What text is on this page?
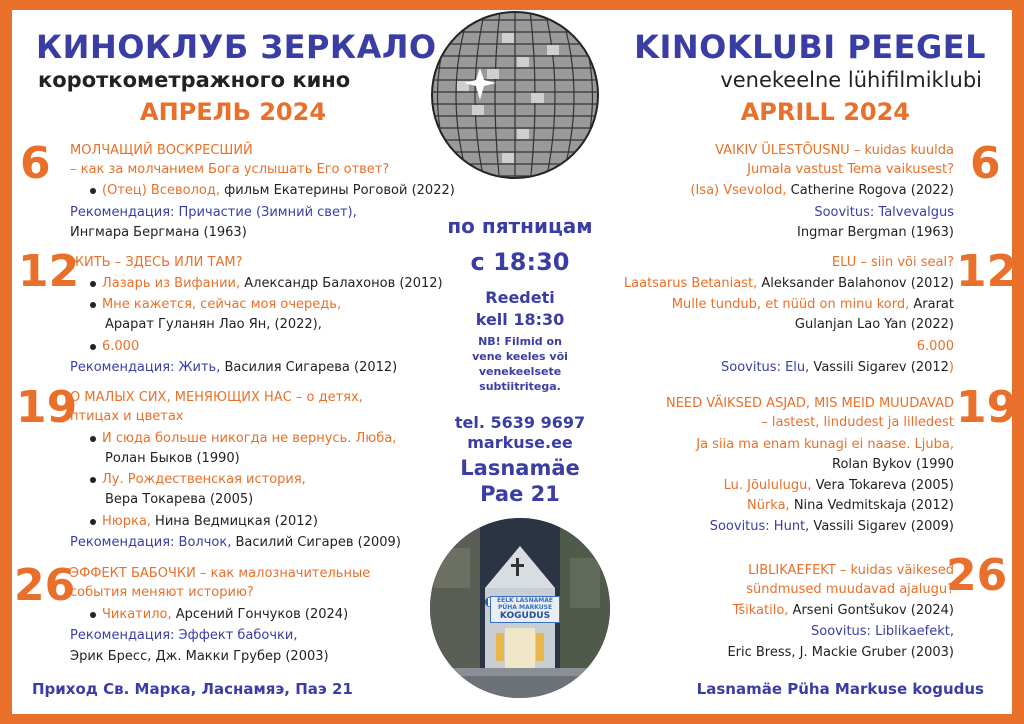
КИНОКЛУБ ЗЕРКАЛО
короткометражного кино
АПРЕЛЬ 2024
KINOKLUBI PEEGEL
venekeelne lühifilmiklubi
APRILL 2024
6 МОЛЧАЩИЙ ВОСКРЕСШИЙ
– как за молчанием Бога услышать Его ответ?
(Отец) Всеволод, фильм Екатерины Роговой (2022)
Рекомендация: Причастие (Зимний свет),
Ингмара Бергмана (1963)
12
ЖИТЬ – ЗДЕСЬ ИЛИ ТАМ?
Лазарь из Вифании, Александр Балахонов (2012)
Мне кажется, сейчас моя очередь,
Арарат Гуланян Лао Ян, (2022),
6.000
Рекомендация: Жить, Василия Сигарева (2012)
19
О МАЛЫХ СИХ, МЕНЯЮЩИХ НАС – о детях,
птицах и цветах
И сюда больше никогда не вернусь. Люба,
Ролан Быков (1990)
Лу. Рождественская история,
Вера Токарева (2005)
Нюрка, Нина Ведмицкая (2012)
Рекомендация: Волчок, Василий Сигарев (2009)
26
ЭФФЕКТ БАБОЧКИ – как малозначительные
события меняют историю?
Чикатило, Арсений Гончуков (2024)
Рекомендация: Эффект бабочки,
Эрик Бресс, Дж. Макки Грубер (2003)
Приход Св. Марка, Ласнамяэ, Паэ 21
по пятницам
с 18:30
Reedeti
kell 18:30
NB! Filmid on
vene keeles või
venekeelsete
subtiitritega.
tel. 5639 9697
markuse.ee
Lasnamäe
Pae 21
EELK LASNAMÄE
PÜHA MARKUSE
KOGUDUS
6
VAIKIV ÜLESTÕUSNU – kuidas kuulda
Jumala vastust Tema vaikusest?
(Isa) Vsevolod, Catherine Rogova (2022)
Soovitus: Talvevalgus
Ingmar Bergman (1963)
12
ELU – siin või seal?
Laatsarus Betaniast, Aleksander Balahonov (2012)
Mulle tundub, et nüüd on minu kord, Ararat
Gulanjan Lao Yan (2022)
6.000
Soovitus: Elu, Vassili Sigarev (2012)
19
NEED VÄIKSED ASJAD, MIS MEID MUUDAVAD
– lastest, lindudest ja lilledest
Ja siia ma enam kunagi ei naase. Ljuba,
Rolan Bykov (1990
Lu. Jõululugu, Vera Tokareva (2005)
Nürka, Nina Vedmitskaja (2012)
Soovitus: Hunt, Vassili Sigarev (2009)
26
LIBLIKAEFEKT – kuidas väikesed
sündmused muudavad ajalugu?
Tšikatilo, Arseni Gontšukov (2024)
Soovitus: Liblikaefekt,
Eric Bress, J. Mackie Gruber (2003)
Lasnamäe Püha Markuse kogudus
